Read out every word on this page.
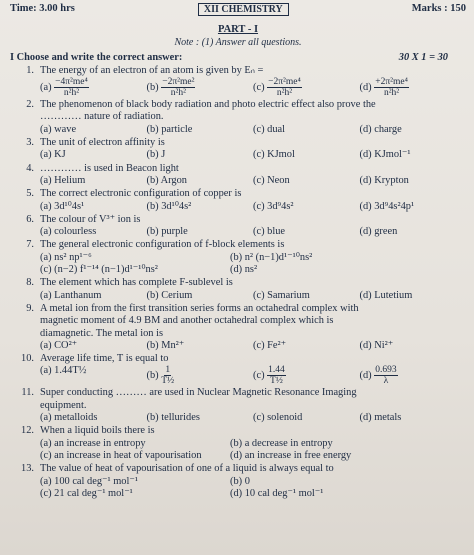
Time: 3.00 hrs	XII CHEMISTRY	Marks : 150
PART - I
Note : (1) Answer all questions.
I Choose and write the correct answer:	30 X 1 = 30
1. The energy of an electron of an atom is given by Eₙ =
$(a) \frac{\text{−4π²me⁴}}{\text{n²h²}}$	$(b) \frac{\text{−2π²me²}}{\text{n²h²}}$	$(c) \frac{\text{−2π²me⁴}}{\text{n²h²}}$	$(d) \frac{\text{+2π²me⁴}}{\text{n²h²}}$
2. The phenomenon of black body radiation and photo electric effect also prove the
………… nature of radiation.
(a) wave	(b) particle	(c) dual	(d) charge
3. The unit of electron affinity is
(a) KJ	(b) J	(c) KJmol	(d) KJmol⁻¹
4. ………… is used in Beacon light
(a) Helium	(b) Argon	(c) Neon	(d) Krypton
5. The correct electronic configuration of copper is
(a) 3d¹⁰4s¹	(b) 3d¹⁰4s²	(c) 3d⁹4s²	(d) 3d⁹4s²4p¹
6. The colour of V³⁺ ion is
(a) colourless	(b) purple	(c) blue	(d) green
7. The general electronic configuration of f-block elements is
(a) ns² np¹⁻⁶	(b) n² (n−1)d¹⁻¹⁰ns²
(c) (n−2) f¹⁻¹⁴ (n−1)d¹⁻¹⁰ns²	(d) ns²
8. The element which has complete F-sublevel is
(a) Lanthanum	(b) Cerium	(c) Samarium	(d) Lutetium
9. A metal ion from the first transition series forms an octahedral complex with
magnetic moment of 4.9 BM and another octahedral complex which is
diamagnetic. The metal ion is
(a) CO²⁺	(b) Mn²⁺	(c) Fe²⁺	(d) Ni²⁺
10. Average life time, T is equal to
(a) 1.44T½	$(b) \frac{1}{\text{T½}}$	$(c) \frac{1.44}{\text{T½}}$	$(d) \frac{0.693}{\lambda}$
11. Super conducting ……… are used in Nuclear Magnetic Resonance Imaging
equipment.
(a) metalloids	(b) tellurides	(c) solenoid	(d) metals
12. When a liquid boils there is
(a) an increase in entropy	(b) a decrease in entropy
(c) an increase in heat of vapourisation	(d) an increase in free energy
13. The value of heat of vapourisation of one of a liquid is always equal to
(a) 100 cal deg⁻¹ mol⁻¹	(b) 0
(c) 21 cal deg⁻¹ mol⁻¹	(d) 10 cal deg⁻¹ mol⁻¹
